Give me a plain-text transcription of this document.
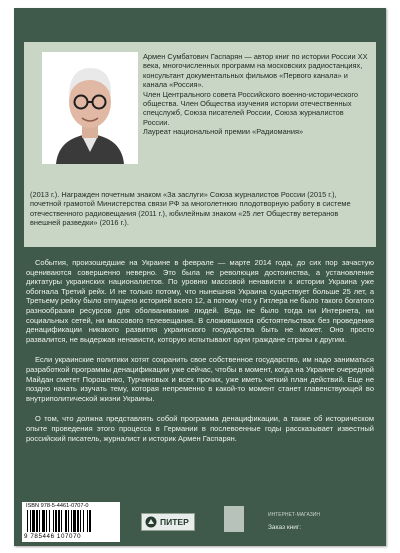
Армен Сумбатович Гаспарян — автор книг по истории России XX века, многочисленных программ на московских радиостанциях, консультант документальных фильмов «Первого канала» и канала «Россия».

Член Центрального совета Российского военно-исторического общества. Член Общества изучения истории отечественных спецслужб, Союза писателей России, Союза журналистов России.

Лауреат национальной премии «Радиомания»

(2013 г.). Награжден почетным знаком «За заслуги» Союза журналистов России (2015 г.), почетной грамотой Министерства связи РФ за многолетнюю плодотворную работу в системе отечественного радиовещания (2011 г.), юбилейным знаком «25 лет Обществу ветеранов внешней разведки» (2016 г.).

События, произошедшие на Украине в феврале — марте 2014 года, до сих пор зачастую оцениваются совершенно неверно. Это была не революция достоинства, а установление диктатуры украинских националистов. По уровню массовой ненависти к истории Украина уже обогнала Третий рейх. И не только потому, что нынешняя Украина существует больше 25 лет, а Третьему рейху было отпущено историей всего 12, а потому что у Гитлера не было такого богатого разнообразия ресурсов для оболванивания людей. Ведь не было тогда ни Интернета, ни социальных сетей, ни массового телевещания. В сложившихся обстоятельствах без проведения денацификации никакого развития украинского государства быть не может. Оно просто развалится, не выдержав ненависти, которую испытывают одни граждане страны к другим.

Если украинские политики хотят сохранить свое собственное государство, им надо заниматься разработкой программы денацификации уже сейчас, чтобы в момент, когда на Украине очередной Майдан сметет Порошенко, Турчиновых и всех прочих, уже иметь четкий план действий. Еще не поздно начать изучать тему, которая непременно в какой-то момент станет главенствующей во внутриполитической жизни Украины.

О том, что должна представлять собой программа денацификации, а также об историческом опыте проведения этого процесса в Германии в послевоенные годы рассказывает известный российский писатель, журналист и историк Армен Гаспарян.

ISBN 978-5-4461-0707-0

9 785446 107070
ПИТЕР
ИНТЕРНЕТ-МАГАЗИН
Заказ книг:
